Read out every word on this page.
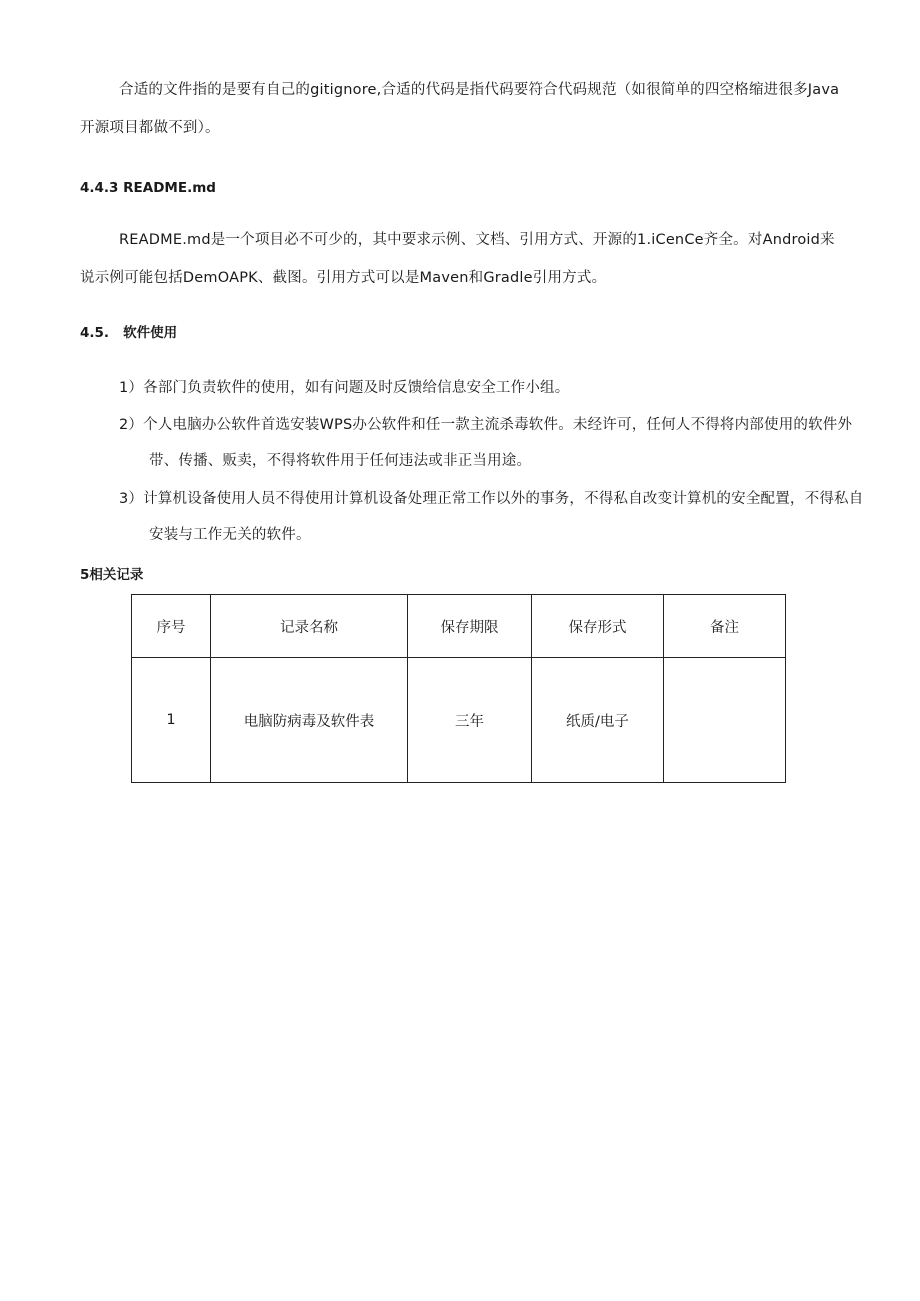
合适的文件指的是要有自己的gitignore,合适的代码是指代码要符合代码规范（如很简单的四空格缩进很多Java开源项目都做不到）。

4.4.3 README.md

README.md是一个项目必不可少的，其中要求示例、文档、引用方式、开源的1.iCenCe齐全。对Android来说示例可能包括DemOAPK、截图。引用方式可以是Maven和Gradle引用方式。

4.5.   软件使用

1）各部门负责软件的使用，如有问题及时反馈给信息安全工作小组。

2）个人电脑办公软件首选安装WPS办公软件和任一款主流杀毒软件。未经许可，任何人不得将内部使用的软件外带、传播、贩卖，不得将软件用于任何违法或非正当用途。

3）计算机设备使用人员不得使用计算机设备处理正常工作以外的事务，不得私自改变计算机的安全配置，不得私自安装与工作无关的软件。

5相关记录
序号	记录名称	保存期限	保存形式	备注
1	电脑防病毒及软件表	三年	纸质/电子	
